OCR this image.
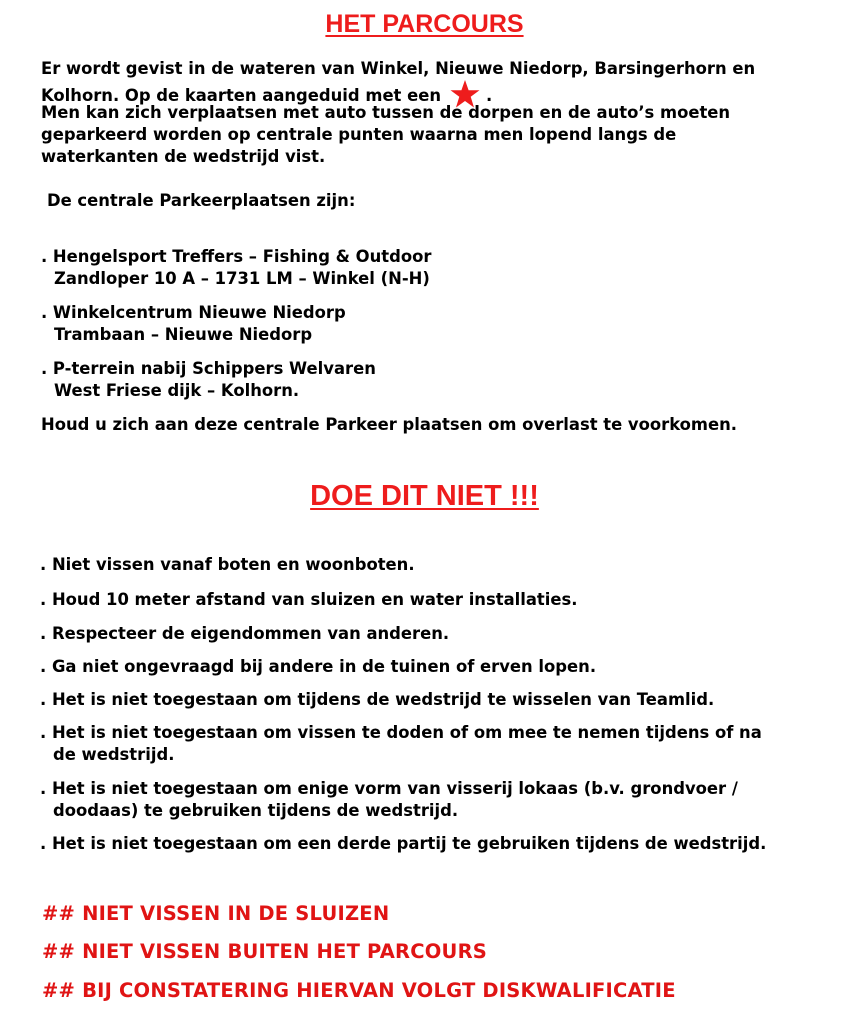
HET PARCOURS
Er wordt gevist in de wateren van Winkel, Nieuwe Niedorp, Barsingerhorn en
Kolhorn. Op de kaarten aangeduid met een	.
Men kan zich verplaatsen met auto tussen de dorpen en de auto’s moeten
geparkeerd worden op centrale punten waarna men lopend langs de
waterkanten de wedstrijd vist.
De centrale Parkeerplaatsen zijn:
. Hengelsport Treffers – Fishing & Outdoor
Zandloper 10 A – 1731 LM – Winkel (N-H)
. Winkelcentrum Nieuwe Niedorp
Trambaan – Nieuwe Niedorp
. P-terrein nabij Schippers Welvaren
West Friese dijk – Kolhorn.
Houd u zich aan deze centrale Parkeer plaatsen om overlast te voorkomen.
DOE DIT NIET !!!
. Niet vissen vanaf boten en woonboten.
. Houd 10 meter afstand van sluizen en water installaties.
. Respecteer de eigendommen van anderen.
. Ga niet ongevraagd bij andere in de tuinen of erven lopen.
. Het is niet toegestaan om tijdens de wedstrijd te wisselen van Teamlid.
. Het is niet toegestaan om vissen te doden of om mee te nemen tijdens of na
de wedstrijd.
. Het is niet toegestaan om enige vorm van visserij lokaas (b.v. grondvoer /
doodaas) te gebruiken tijdens de wedstrijd.
. Het is niet toegestaan om een derde partij te gebruiken tijdens de wedstrijd.
## NIET VISSEN IN DE SLUIZEN
## NIET VISSEN BUITEN HET PARCOURS
## BIJ CONSTATERING HIERVAN VOLGT DISKWALIFICATIE
